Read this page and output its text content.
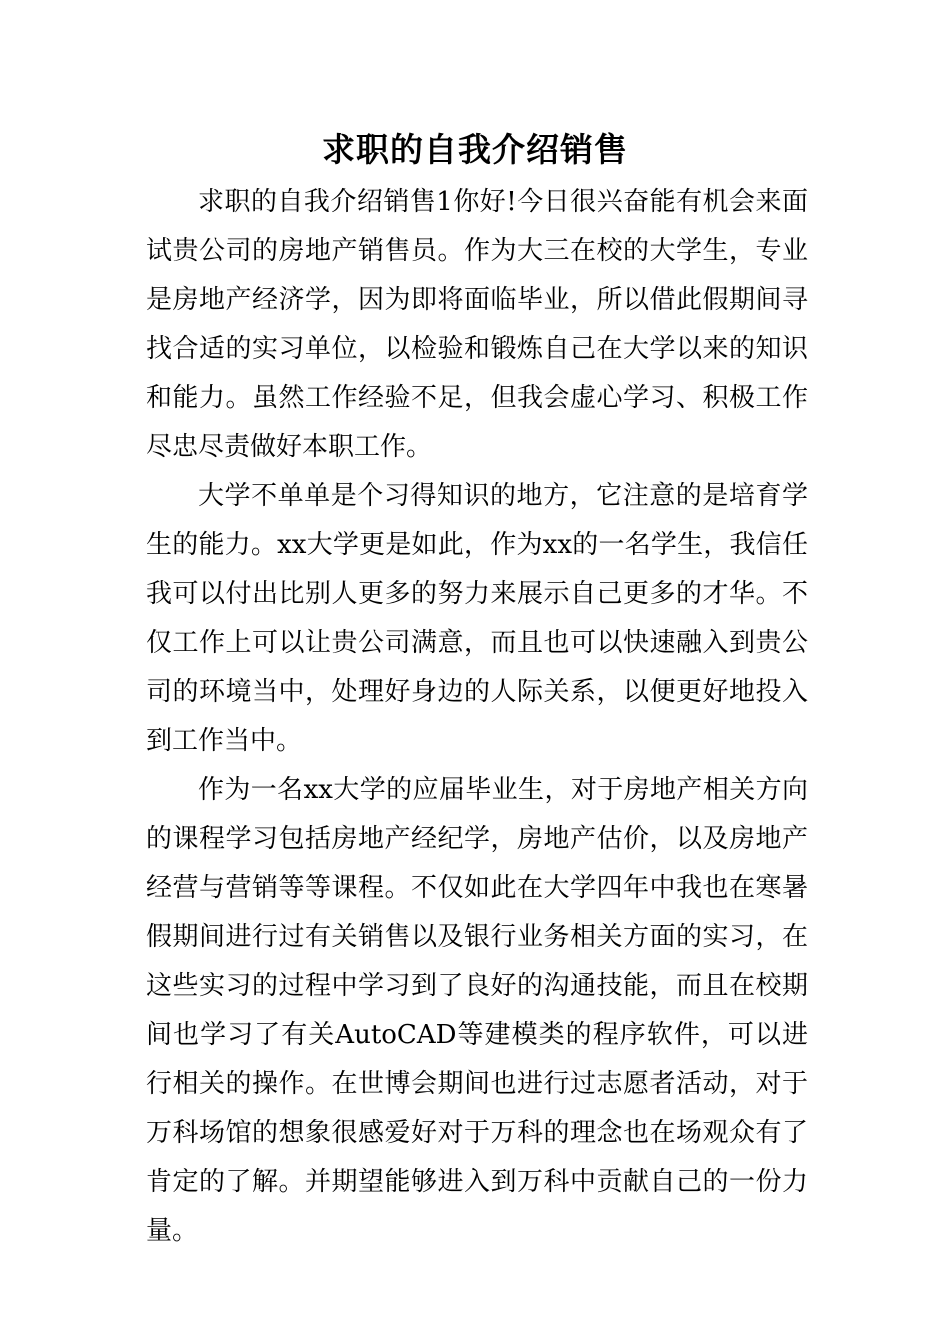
求职的自我介绍销售

求职的自我介绍销售1你好!今日很兴奋能有机会来面试贵公司的房地产销售员。作为大三在校的大学生，专业是房地产经济学，因为即将面临毕业，所以借此假期间寻找合适的实习单位，以检验和锻炼自己在大学以来的知识和能力。虽然工作经验不足，但我会虚心学习、积极工作尽忠尽责做好本职工作。

大学不单单是个习得知识的地方，它注意的是培育学生的能力。xx大学更是如此，作为xx的一名学生，我信任我可以付出比别人更多的努力来展示自己更多的才华。不仅工作上可以让贵公司满意，而且也可以快速融入到贵公司的环境当中，处理好身边的人际关系，以便更好地投入到工作当中。

作为一名xx大学的应届毕业生，对于房地产相关方向的课程学习包括房地产经纪学，房地产估价，以及房地产经营与营销等等课程。不仅如此在大学四年中我也在寒暑假期间进行过有关销售以及银行业务相关方面的实习，在这些实习的过程中学习到了良好的沟通技能，而且在校期间也学习了有关AutoCAD等建模类的程序软件，可以进行相关的操作。在世博会期间也进行过志愿者活动，对于万科场馆的想象很感爱好对于万科的理念也在场观众有了肯定的了解。并期望能够进入到万科中贡献自己的一份力量。
